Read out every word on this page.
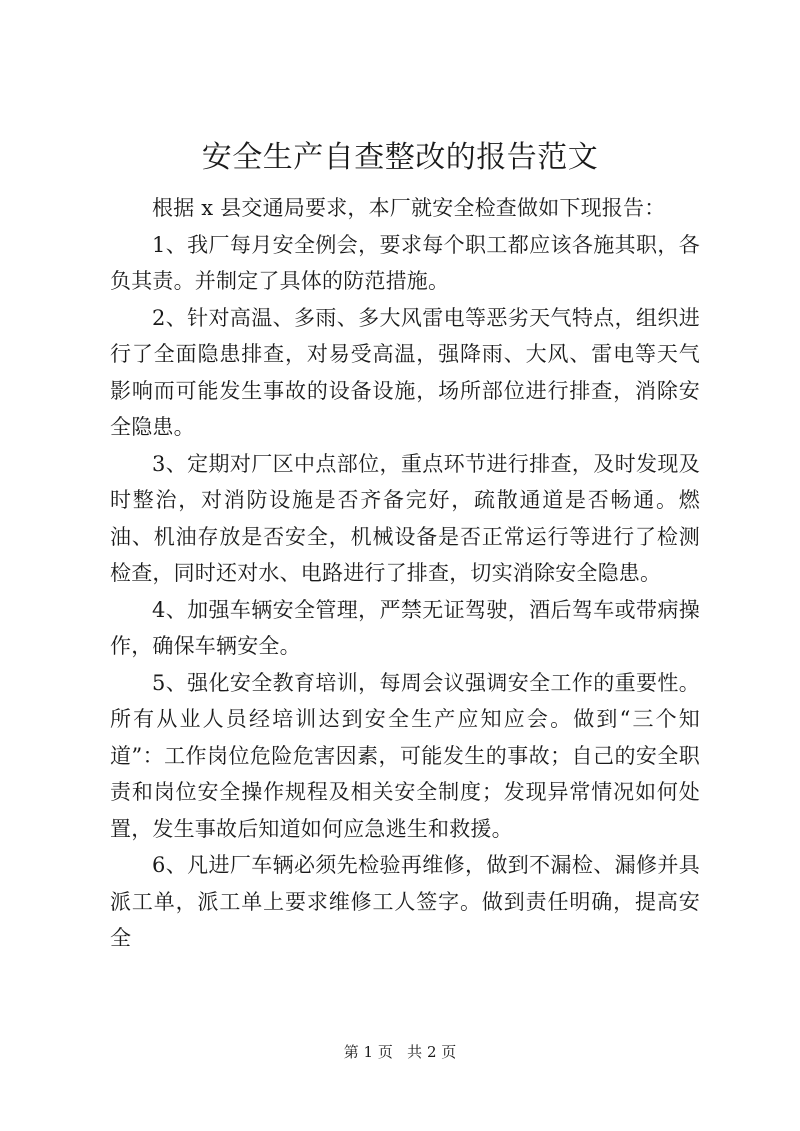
安全生产自查整改的报告范文

根据 x 县交通局要求，本厂就安全检查做如下现报告：

1、我厂每月安全例会，要求每个职工都应该各施其职，各负其责。并制定了具体的防范措施。

2、针对高温、多雨、多大风雷电等恶劣天气特点，组织进行了全面隐患排查，对易受高温，强降雨、大风、雷电等天气影响而可能发生事故的设备设施，场所部位进行排查，消除安全隐患。

3、定期对厂区中点部位，重点环节进行排查，及时发现及时整治，对消防设施是否齐备完好，疏散通道是否畅通。燃油、机油存放是否安全，机械设备是否正常运行等进行了检测检查，同时还对水、电路进行了排查，切实消除安全隐患。

4、加强车辆安全管理，严禁无证驾驶，酒后驾车或带病操作，确保车辆安全。

5、强化安全教育培训，每周会议强调安全工作的重要性。所有从业人员经培训达到安全生产应知应会。做到“三个知道”：工作岗位危险危害因素，可能发生的事故；自己的安全职责和岗位安全操作规程及相关安全制度；发现异常情况如何处置，发生事故后知道如何应急逃生和救援。

6、凡进厂车辆必须先检验再维修，做到不漏检、漏修并具派工单，派工单上要求维修工人签字。做到责任明确，提高安全

第 1 页 共 2 页
